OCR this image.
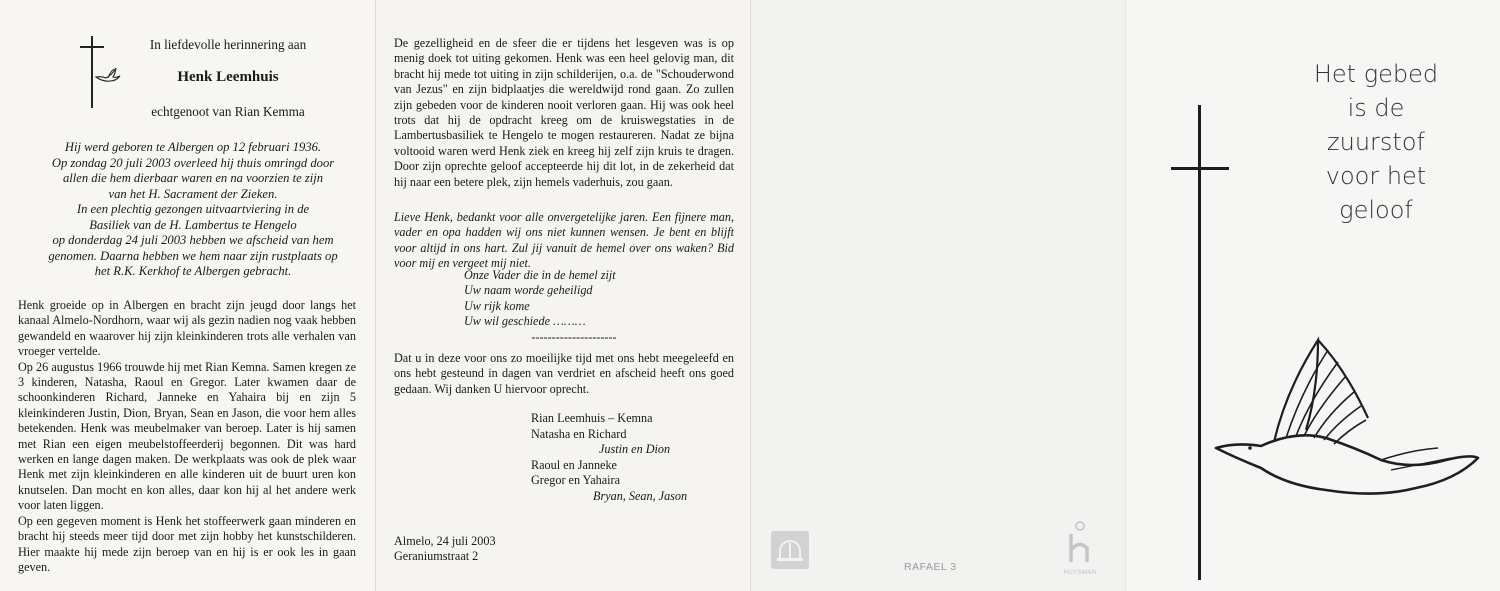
In liefdevolle herinnering aan
Henk Leemhuis
echtgenoot van Rian Kemma
Hij werd geboren te Albergen op 12 februari 1936.
Op zondag 20 juli 2003 overleed hij thuis omringd door
allen die hem dierbaar waren en na voorzien te zijn
van het H. Sacrament der Zieken.
In een plechtig gezongen uitvaartviering in de
Basiliek van de H. Lambertus te Hengelo
op donderdag 24 juli 2003 hebben we afscheid van hem
genomen. Daarna hebben we hem naar zijn rustplaats op
het R.K. Kerkhof te Albergen gebracht.
Henk groeide op in Albergen en bracht zijn jeugd door langs het kanaal Almelo-Nordhorn, waar wij als gezin nadien nog vaak hebben gewandeld en waarover hij zijn kleinkinderen trots alle verhalen van vroeger vertelde.
Op 26 augustus 1966 trouwde hij met Rian Kemna. Samen kregen ze 3 kinderen, Natasha, Raoul en Gregor. Later kwamen daar de schoonkinderen Richard, Janneke en Yahaira bij en zijn 5 kleinkinderen Justin, Dion, Bryan, Sean en Jason, die voor hem alles betekenden. Henk was meubelmaker van beroep. Later is hij samen met Rian een eigen meubelstoffeerderij begonnen. Dit was hard werken en lange dagen maken. De werkplaats was ook de plek waar Henk met zijn kleinkinderen en alle kinderen uit de buurt uren kon knutselen. Dan mocht en kon alles, daar kon hij al het andere werk voor laten liggen.
Op een gegeven moment is Henk het stoffeerwerk gaan minderen en bracht hij steeds meer tijd door met zijn hobby het kunstschilderen. Hier maakte hij mede zijn beroep van en hij is er ook les in gaan geven.
De gezelligheid en de sfeer die er tijdens het lesgeven was is op menig doek tot uiting gekomen. Henk was een heel gelovig man, dit bracht hij mede tot uiting in zijn schilderijen, o.a. de "Schouderwond van Jezus" en zijn bidplaatjes die wereldwijd rond gaan. Zo zullen zijn gebeden voor de kinderen nooit verloren gaan. Hij was ook heel trots dat hij de opdracht kreeg om de kruiswegstaties in de Lambertusbasiliek te Hengelo te mogen restaureren. Nadat ze bijna voltooid waren werd Henk ziek en kreeg hij zelf zijn kruis te dragen. Door zijn oprechte geloof accepteerde hij dit lot, in de zekerheid dat hij naar een betere plek, zijn hemels vaderhuis, zou gaan.
Lieve Henk, bedankt voor alle onvergetelijke jaren. Een fijnere man, vader en opa hadden wij ons niet kunnen wensen. Je bent en blijft voor altijd in ons hart. Zul jij vanuit de hemel over ons waken? Bid voor mij en vergeet mij niet.
Onze Vader die in de hemel zijt
Uw naam worde geheiligd
Uw rijk kome
Uw wil geschiede ………
---------------------
Dat u in deze voor ons zo moeilijke tijd met ons hebt meegeleefd en ons hebt gesteund in dagen van verdriet en afscheid heeft ons goed gedaan. Wij danken U hiervoor oprecht.
Rian Leemhuis – Kemna
Natasha en Richard
Justin en Dion
Raoul en Janneke
Gregor en Yahaira
Bryan, Sean, Jason
Almelo, 24 juli 2003
Geraniumstraat 2
RAFAEL 3	HUYSMAN
Het gebed
is de
zuurstof
voor het
geloof
